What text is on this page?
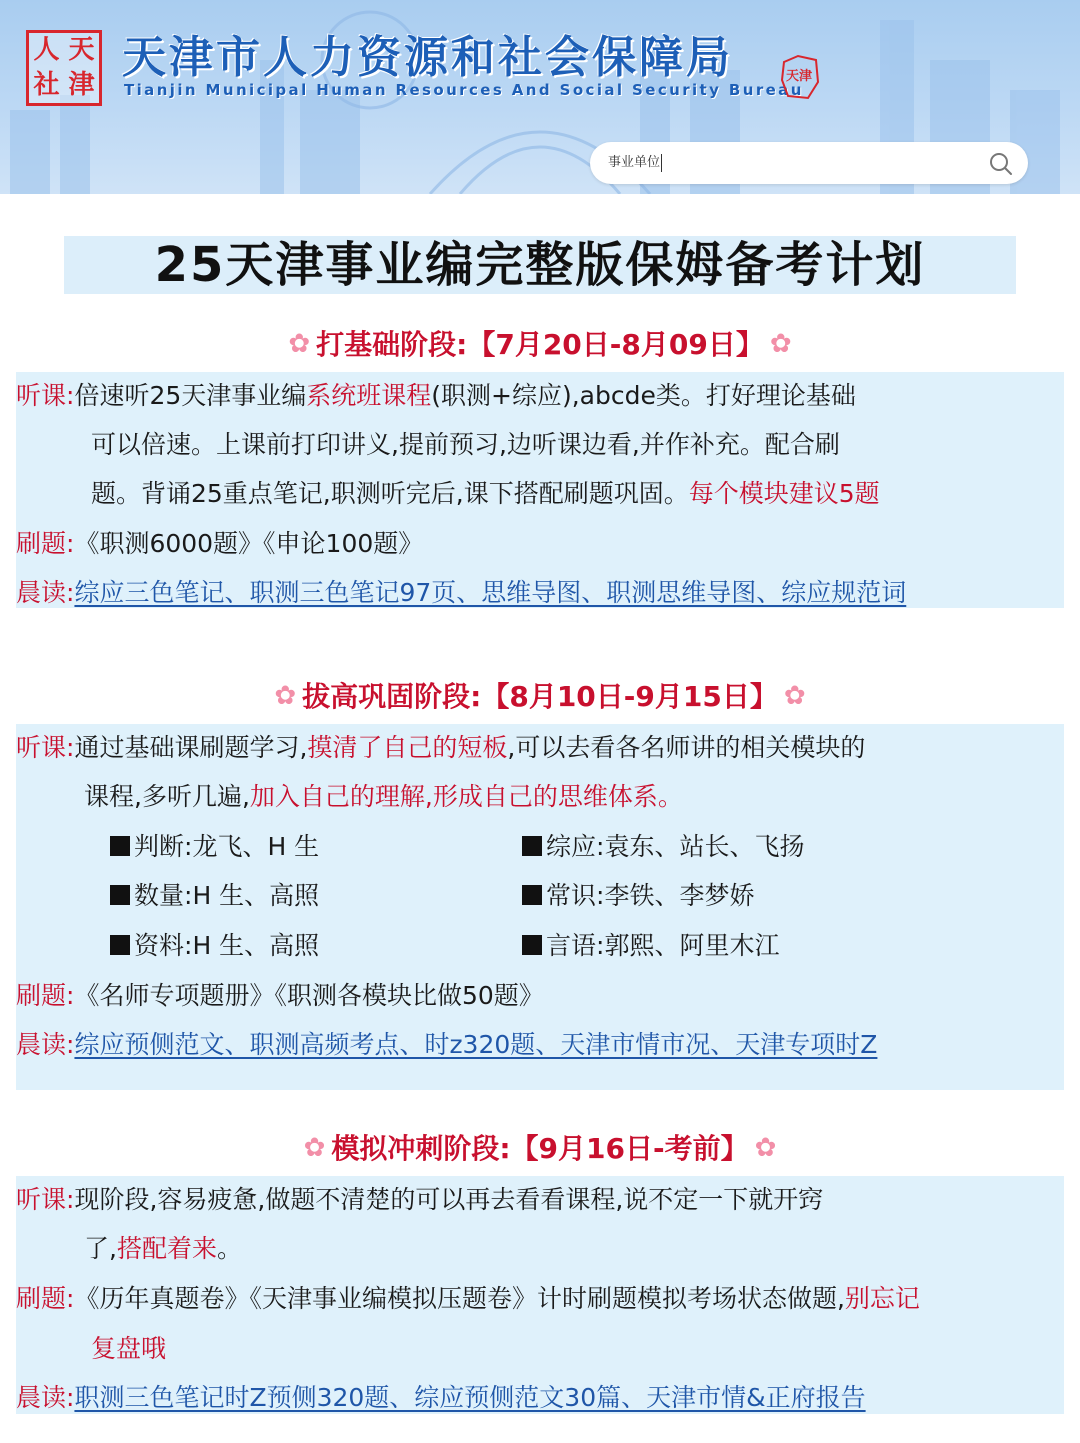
人 天
社 津
天津市人力资源和社会保障局
Tianjin Municipal Human Resources And Social Security Bureau
天津
事业单位
25天津事业编完整版保姆备考计划
✿ 打基础阶段:【7月20日-8月09日】 ✿
听课:倍速听25天津事业编系统班课程(职测+综应),abcde类。打好理论基础
可以倍速。上课前打印讲义,提前预习,边听课边看,并作补充。配合刷
题。背诵25重点笔记,职测听完后,课下搭配刷题巩固。每个模块建议5题
刷题:《职测6000题》《申论100题》
晨读:综应三色笔记、职测三色笔记97页、思维导图、职测思维导图、综应规范词
✿ 拔高巩固阶段:【8月10日-9月15日】 ✿
听课:通过基础课刷题学习,摸清了自己的短板,可以去看各名师讲的相关模块的
课程,多听几遍,加入自己的理解,形成自己的思维体系。
判断:龙飞、H 生	综应:袁东、站长、飞扬
数量:H 生、高照	常识:李铁、李梦娇
资料:H 生、高照	言语:郭熙、阿里木江
刷题:《名师专项题册》《职测各模块比做50题》
晨读:综应预侧范文、职测高频考点、时z320题、天津市情市况、天津专项时Z
✿ 模拟冲刺阶段:【9月16日-考前】 ✿
听课:现阶段,容易疲惫,做题不清楚的可以再去看看课程,说不定一下就开窍
了,搭配着来。
刷题:《历年真题卷》《天津事业编模拟压题卷》计时刷题模拟考场状态做题,别忘记
复盘哦
晨读:职测三色笔记时Z预侧320题、综应预侧范文30篇、天津市情&正府报告
